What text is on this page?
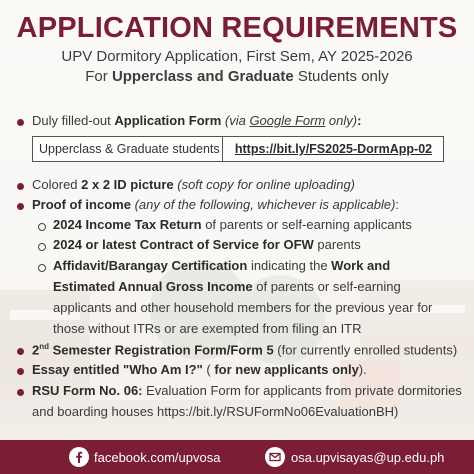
APPLICATION REQUIREMENTS
UPV Dormitory Application, First Sem, AY 2025-2026
For Upperclass and Graduate Students only
Duly filled-out Application Form (via Google Form only):
Upperclass & Graduate students	https://bit.ly/FS2025-DormApp-02
Colored 2 x 2 ID picture (soft copy for online uploading)
Proof of income (any of the following, whichever is applicable):
2024 Income Tax Return of parents or self-earning applicants
2024 or latest Contract of Service for OFW parents
Affidavit/Barangay Certification indicating the Work and
Estimated Annual Gross Income of parents or self-earning
applicants and other household members for the previous year for
those without ITRs or are exempted from filing an ITR
2nd Semester Registration Form/Form 5 (for currently enrolled students)
Essay entitled "Who Am I?" ( for new applicants only).
RSU Form No. 06: Evaluation Form for applicants from private dormitories
and boarding houses https://bit.ly/RSUFormNo06EvaluationBH)
facebook.com/upvosa	osa.upvisayas@up.edu.ph
